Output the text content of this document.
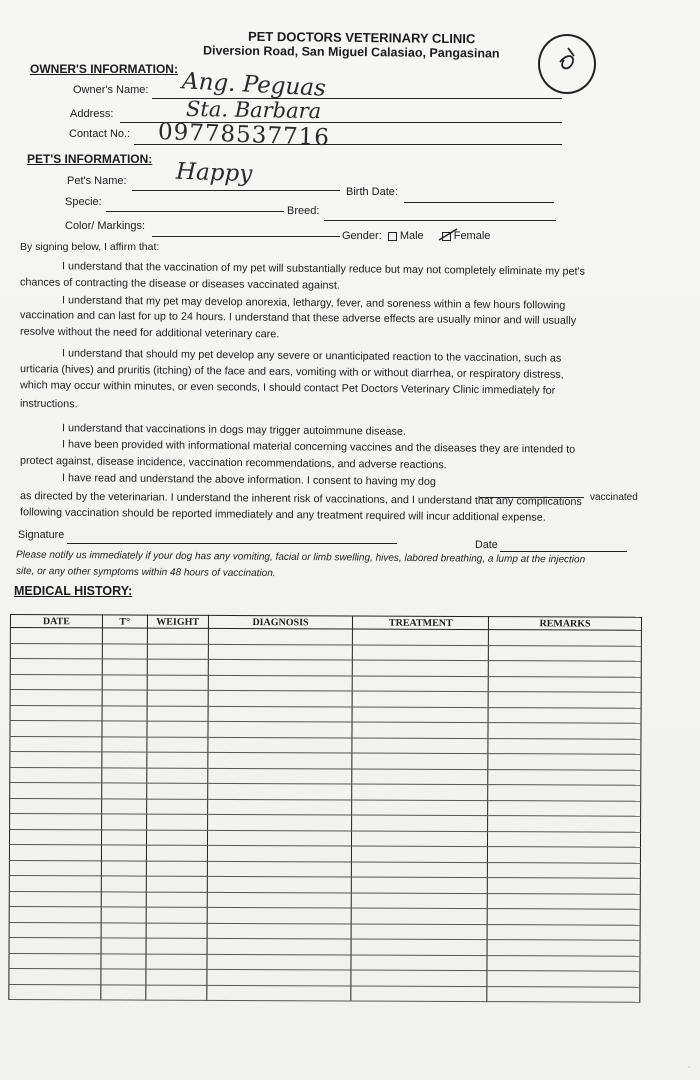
PET DOCTORS VETERINARY CLINIC
Diversion Road, San Miguel Calasiao, Pangasinan
OWNER'S INFORMATION:
Owner's Name: Ang. Peguas
Address:	Sta. Barbara
Contact No.: 09778537716
PET'S INFORMATION:
Pet's Name: Happy
Birth Date:
Specie:
Breed:
Color/ Markings:
Gender: Male	Female
By signing below, I affirm that:
I understand that the vaccination of my pet will substantially reduce but may not completely eliminate my pet's
chances of contracting the disease or diseases vaccinated against.
I understand that my pet may develop anorexia, lethargy, fever, and soreness within a few hours following
vaccination and can last for up to 24 hours. I understand that these adverse effects are usually minor and will usually
resolve without the need for additional veterinary care.
I understand that should my pet develop any severe or unanticipated reaction to the vaccination, such as
urticaria (hives) and pruritis (itching) of the face and ears, vomiting with or without diarrhea, or respiratory distress,
which may occur within minutes, or even seconds, I should contact Pet Doctors Veterinary Clinic immediately for
instructions.
I understand that vaccinations in dogs may trigger autoimmune disease.
I have been provided with informational material concerning vaccines and the diseases they are intended to
protect against, disease incidence, vaccination recommendations, and adverse reactions.
I have read and understand the above information. I consent to having my dog
vaccinated
as directed by the veterinarian. I understand the inherent risk of vaccinations, and I understand that any complications
following vaccination should be reported immediately and any treatment required will incur additional expense.
Signature
Date
Please notify us immediately if your dog has any vomiting, facial or limb swelling, hives, labored breathing, a lump at the injection
site, or any other symptoms within 48 hours of vaccination.
MEDICAL HISTORY:
DATE	T°	WEIGHT	DIAGNOSIS	TREATMENT	REMARKS

·
